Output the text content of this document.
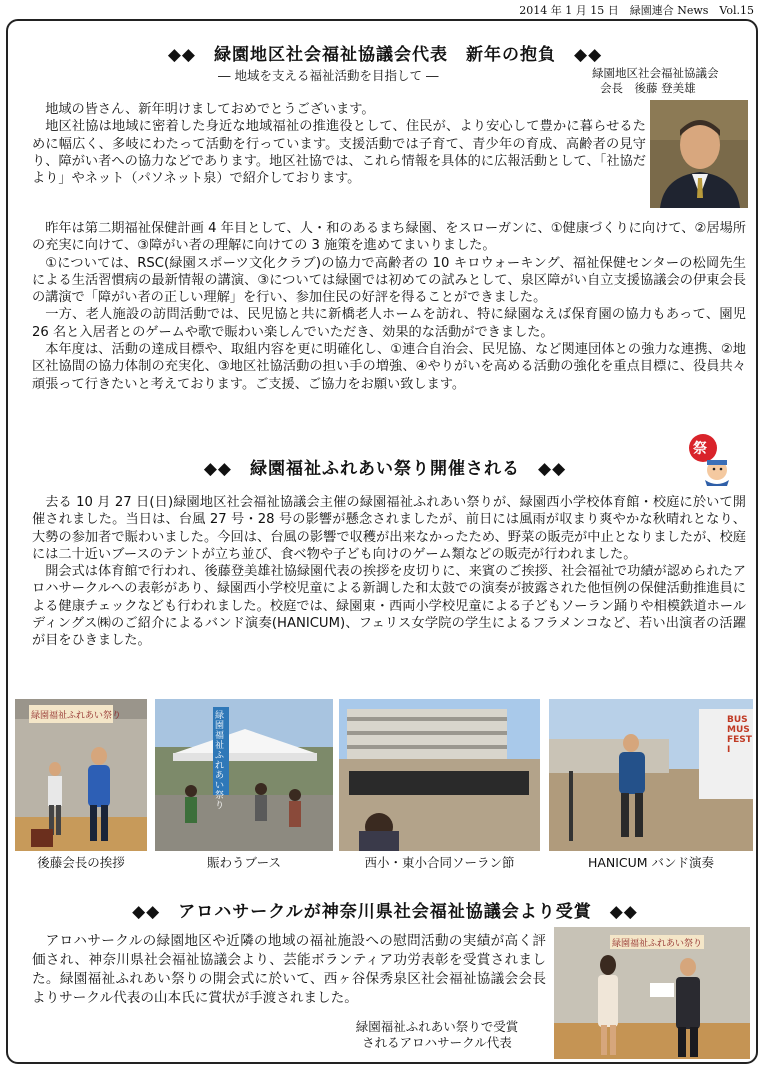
2014 年 1 月 15 日　緑園連合 News　Vol.15
◆◆　緑園地区社会福祉協議会代表　新年の抱負　◆◆
― 地域を支える福祉活動を目指して ―	緑園地区社会福祉協議会
会長　後藤 登美雄

地域の皆さん、新年明けましておめでとうございます。

地区社協は地域に密着した身近な地域福祉の推進役として、住民が、より安心して豊かに暮らせるために幅広く、多岐にわたって活動を行っています。支援活動では子育て、青少年の育成、高齢者の見守り、障がい者への協力などであります。地区社協では、これら情報を具体的に広報活動として、「社協だより」やネット（パソネット泉）で紹介しております。

昨年は第二期福祉保健計画 4 年目として、人・和のあるまち緑園、をスローガンに、①健康づくりに向けて、②居場所の充実に向けて、③障がい者の理解に向けての 3 施策を進めてまいりました。

①については、RSC(緑園スポーツ文化クラブ)の協力で高齢者の 10 キロウォーキング、福祉保健センターの松岡先生による生活習慣病の最新情報の講演、③については緑園では初めての試みとして、泉区障がい自立支援協議会の伊東会長の講演で「障がい者の正しい理解」を行い、参加住民の好評を得ることができました。

一方、老人施設の訪問活動では、民児協と共に新橋老人ホームを訪れ、特に緑園なえば保育園の協力もあって、園児 26 名と入居者とのゲームや歌で賑わい楽しんでいただき、効果的な活動ができました。

本年度は、活動の達成目標や、取組内容を更に明確化し、①連合自治会、民児協、など関連団体との強力な連携、②地区社協間の協力体制の充実化、③地区社協活動の担い手の増強、④やりがいを高める活動の強化を重点目標に、役員共々頑張って行きたいと考えております。ご支援、ご協力をお願い致します。

◆◆　緑園福祉ふれあい祭り開催される　◆◆
祭

去る 10 月 27 日(日)緑園地区社会福祉協議会主催の緑園福祉ふれあい祭りが、緑園西小学校体育館・校庭に於いて開催されました。当日は、台風 27 号・28 号の影響が懸念されましたが、前日には風雨が収まり爽やかな秋晴れとなり、大勢の参加者で賑わいました。今回は、台風の影響で収穫が出来なかったため、野菜の販売が中止となりましたが、校庭には二十近いブースのテントが立ち並び、食べ物や子ども向けのゲーム類などの販売が行われました。

開会式は体育館で行われ、後藤登美雄社協緑園代表の挨拶を皮切りに、来賓のご挨拶、社会福祉で功績が認められたアロハサークルへの表彰があり、緑園西小学校児童による新調した和太鼓での演奏が披露された他恒例の保健活動推進員による健康チェックなども行われました。校庭では、緑園東・西両小学校児童による子どもソーラン踊りや相模鉄道ホールディングス㈱のご紹介によるバンド演奏(HANICUM)、フェリス女学院の学生によるフラメンコなど、若い出演者の活躍が目をひきました。

緑園福祉ふれあい祭り	緑園福祉ふれあい祭り
BUS MUS FESTI
後藤会長の挨拶	賑わうブース	西小・東小合同ソーラン節	HANICUM バンド演奏
◆◆　アロハサークルが神奈川県社会福祉協議会より受賞　◆◆

アロハサークルの緑園地区や近隣の地域の福祉施設への慰問活動の実績が高く評価され、神奈川県社会福祉協議会より、芸能ボランティア功労表彰を受賞されました。緑園福祉ふれあい祭りの開会式に於いて、西ヶ谷保秀泉区社会福祉協議会会長よりサークル代表の山本氏に賞状が手渡されました。

緑園福祉ふれあい祭りで受賞
されるアロハサークル代表
緑園福祉ふれあい祭り
